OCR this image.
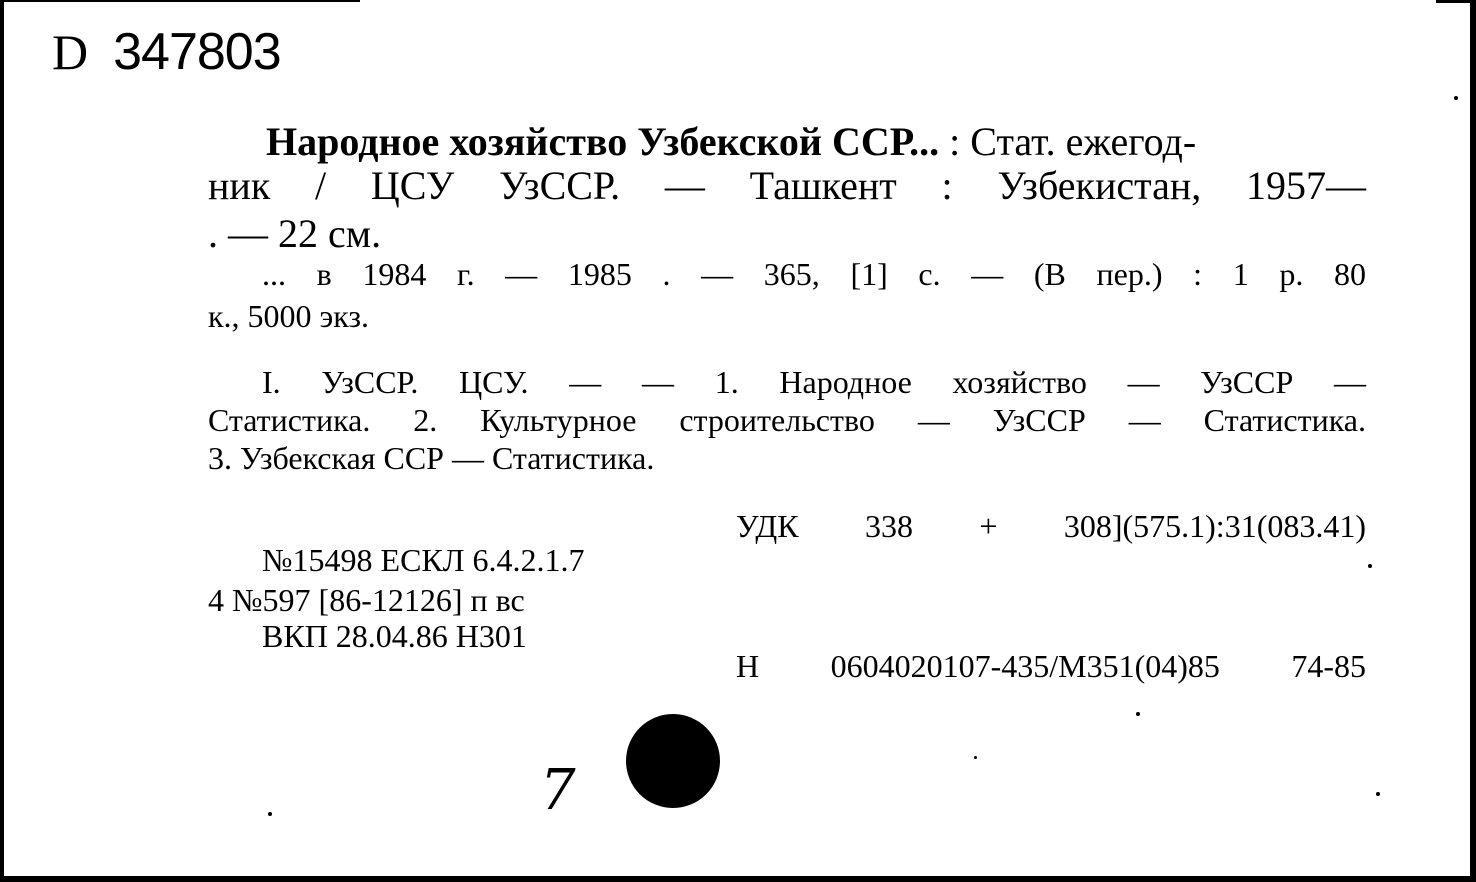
D 347803
Народное хозяйство Узбекской ССР... : Стат. ежегод-
ник / ЦСУ УзССР. — Ташкент : Узбекистан, 1957—
. — 22 см.
... в 1984 г. — 1985 . — 365, [1] с. — (В пер.) : 1 р. 80
к., 5000 экз.
I. УзССР. ЦСУ. — — 1. Народное хозяйство — УзССР —
Статистика. 2. Культурное строительство — УзССР — Статистика.
3. Узбекская ССР — Статистика.
УДК 338 + 308](575.1):31(083.41)
№15498 ЕСКЛ 6.4.2.1.7
4 №597 [86-12126] п вс
ВКП 28.04.86 Н301
Н 0604020107-435/М351(04)85 74-85
7
